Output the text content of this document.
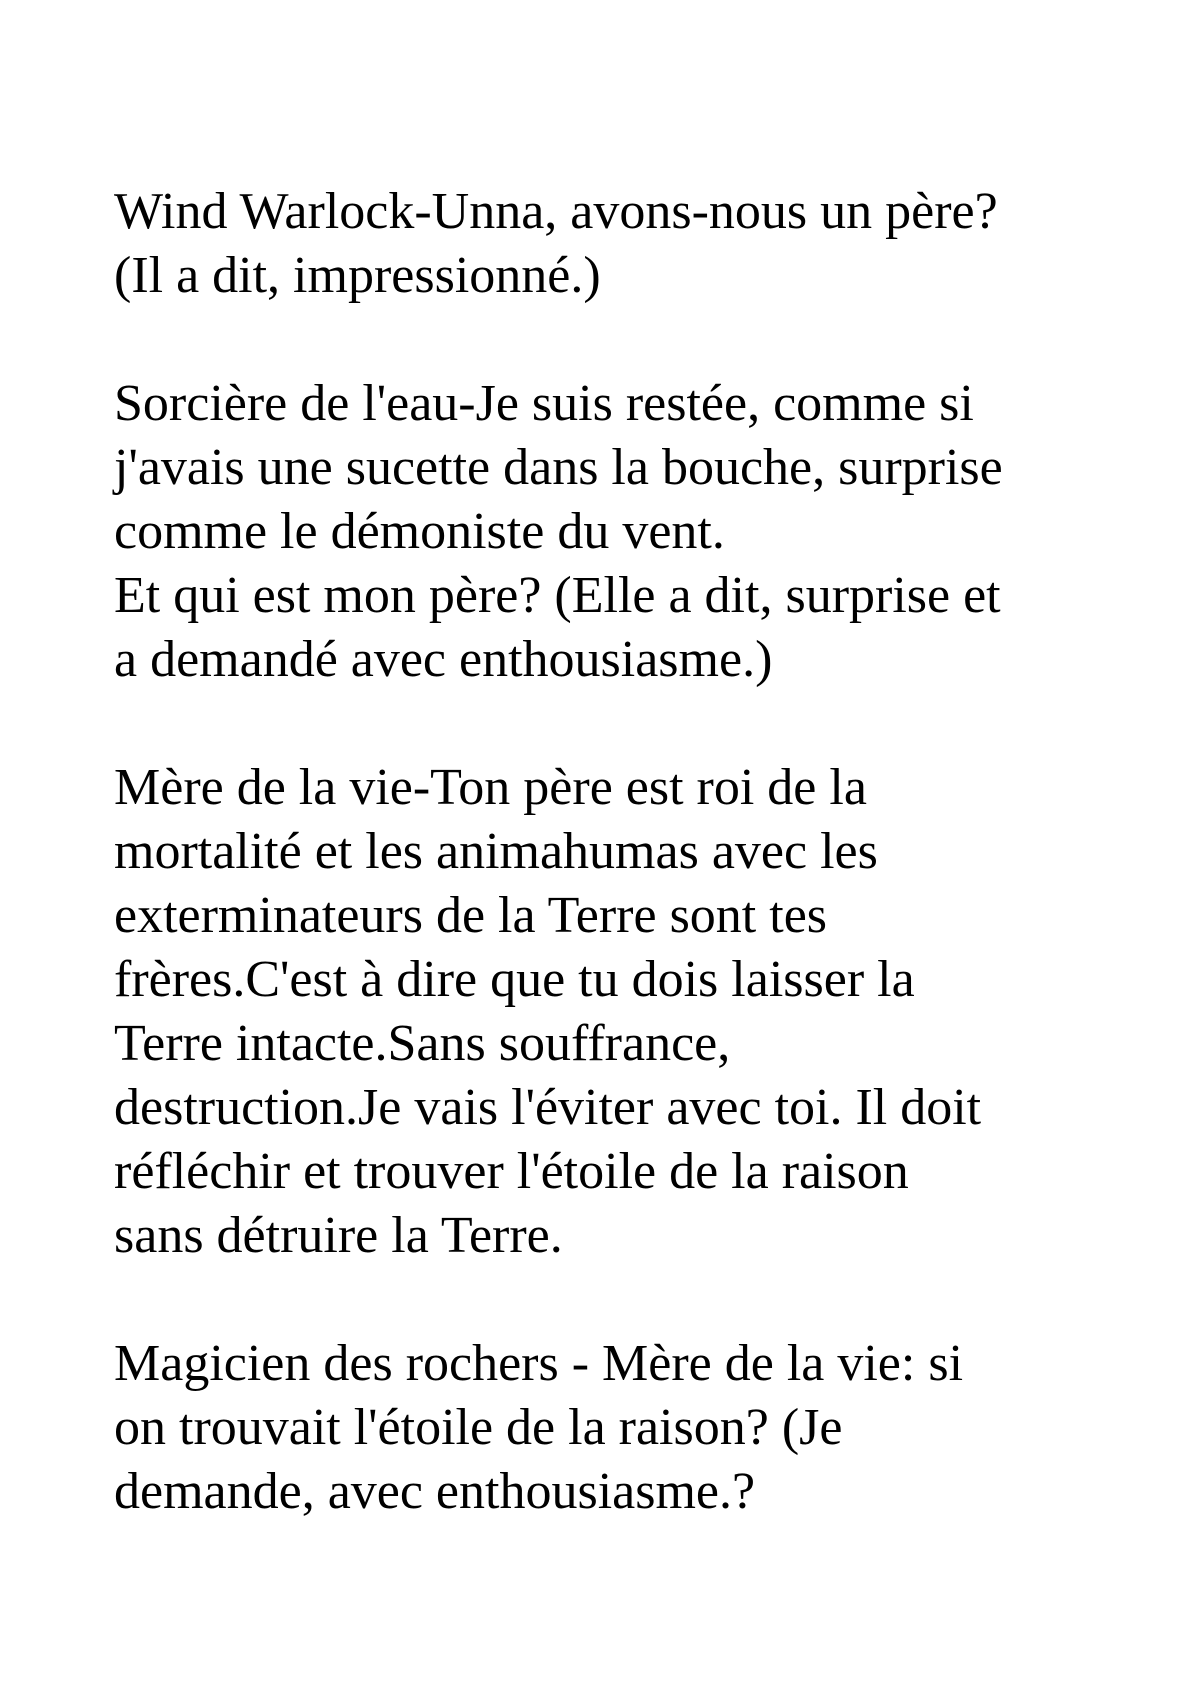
Wind Warlock-Unna, avons-nous un père?
(Il a dit, impressionné.)

Sorcière de l'eau-Je suis restée, comme si
j'avais une sucette dans la bouche, surprise
comme le démoniste du vent.
Et qui est mon père? (Elle a dit, surprise et
a demandé avec enthousiasme.)

Mère de la vie-Ton père est roi de la
mortalité et les animahumas avec les
exterminateurs de la Terre sont tes
frères.C'est à dire que tu dois laisser la
Terre intacte.Sans souffrance,
destruction.Je vais l'éviter avec toi. Il doit
réfléchir et trouver l'étoile de la raison
sans détruire la Terre.

Magicien des rochers - Mère de la vie: si
on trouvait l'étoile de la raison? (Je
demande, avec enthousiasme.?
